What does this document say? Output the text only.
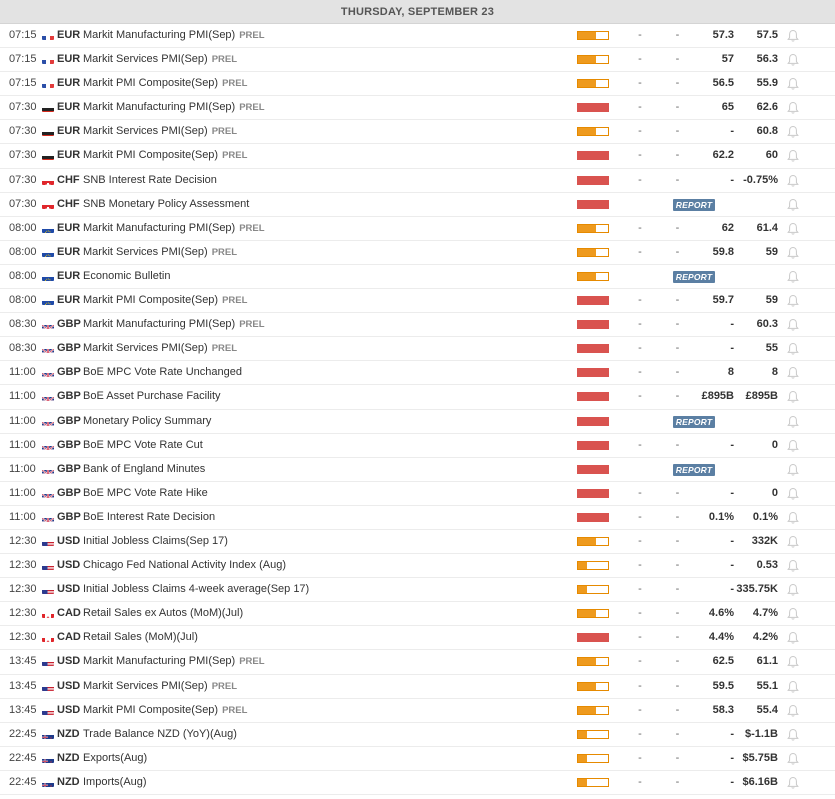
THURSDAY, SEPTEMBER 23
07:15	EUR Markit Manufacturing PMI(Sep) PREL	-	-	57.3	57.5
07:15	EUR Markit Services PMI(Sep) PREL	-	-	57	56.3
07:15	EUR Markit PMI Composite(Sep) PREL	-	-	56.5	55.9
07:30	EUR Markit Manufacturing PMI(Sep) PREL	-	-	65	62.6
07:30	EUR Markit Services PMI(Sep) PREL	-	-	-	60.8
07:30	EUR Markit PMI Composite(Sep) PREL	-	-	62.2	60
07:30	CHF SNB Interest Rate Decision	-	-	- -0.75%
07:30	CHF SNB Monetary Policy Assessment	REPORT
08:00	EUR Markit Manufacturing PMI(Sep) PREL	-	-	62	61.4
08:00	EUR Markit Services PMI(Sep) PREL	-	-	59.8	59
08:00	EUR Economic Bulletin	REPORT
08:00	EUR Markit PMI Composite(Sep) PREL	-	-	59.7	59
08:30	GBP Markit Manufacturing PMI(Sep) PREL	-	-	-	60.3
08:30	GBP Markit Services PMI(Sep) PREL	-	-	-	55
11:00	GBP BoE MPC Vote Rate Unchanged	-	-	8	8
11:00	GBP BoE Asset Purchase Facility	-	-	£895B	£895B
11:00	GBP Monetary Policy Summary	REPORT
11:00	GBP BoE MPC Vote Rate Cut	-	-	-	0
11:00	GBP Bank of England Minutes	REPORT
11:00	GBP BoE MPC Vote Rate Hike	-	-	-	0
11:00	GBP BoE Interest Rate Decision	-	-	0.1%	0.1%
12:30	USD Initial Jobless Claims(Sep 17)	-	-	-	332K
12:30	USD Chicago Fed National Activity Index (Aug)	-	-	-	0.53
12:30	USD Initial Jobless Claims 4-week average(Sep 17)	-	-	- 335.75K
12:30	CAD Retail Sales ex Autos (MoM)(Jul)	-	-	4.6%	4.7%
12:30	CAD Retail Sales (MoM)(Jul)	-	-	4.4%	4.2%
13:45	USD Markit Manufacturing PMI(Sep) PREL	-	-	62.5	61.1
13:45	USD Markit Services PMI(Sep) PREL	-	-	59.5	55.1
13:45	USD Markit PMI Composite(Sep) PREL	-	-	58.3	55.4
22:45	NZD Trade Balance NZD (YoY)(Aug)	-	-	- $-1.1B
22:45	NZD Exports(Aug)	-	-	- $5.75B
22:45	NZD Imports(Aug)	-	-	- $6.16B
